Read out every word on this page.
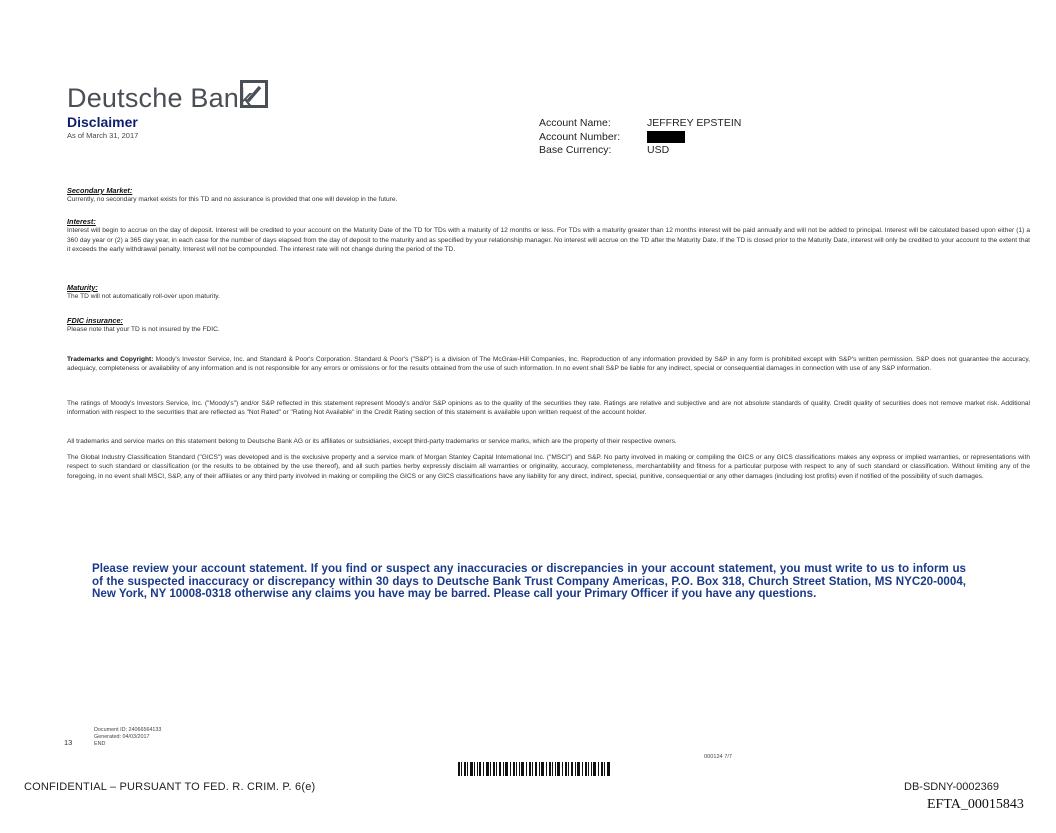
Deutsche Bank
Disclaimer
As of March 31, 2017
Account Name:	JEFFREY EPSTEIN
Account Number:
Base Currency:	USD
Secondary Market:

Currently, no secondary market exists for this TD and no assurance is provided that one will develop in the future.

Interest:

Interest will begin to accrue on the day of deposit. Interest will be credited to your account on the Maturity Date of the TD for TDs with a maturity of 12 months or less. For TDs with a maturity greater than 12 months interest will be paid annually and will not be added to principal. Interest will be calculated based upon either (1) a 360 day year or (2) a 365 day year, in each case for the number of days elapsed from the day of deposit to the maturity and as specified by your relationship manager. No interest will accrue on the TD after the Maturity Date. If the TD is closed prior to the Maturity Date, interest will only be credited to your account to the extent that it exceeds the early withdrawal penalty. Interest will not be compounded. The interest rate will not change during the period of the TD.

Maturity:

The TD will not automatically roll-over upon maturity.

FDIC insurance:

Please note that your TD is not insured by the FDIC.

Trademarks and Copyright: Moody's Investor Service, Inc. and Standard & Poor's Corporation. Standard & Poor's ("S&P") is a division of The McGraw-Hill Companies, Inc. Reproduction of any information provided by S&P in any form is prohibited except with S&P's written permission. S&P does not guarantee the accuracy, adequacy, completeness or availability of any information and is not responsible for any errors or omissions or for the results obtained from the use of such information. In no event shall S&P be liable for any indirect, special or consequential damages in connection with use of any S&P information.

The ratings of Moody's Investors Service, Inc. ("Moody's") and/or S&P reflected in this statement represent Moody's and/or S&P opinions as to the quality of the securities they rate. Ratings are relative and subjective and are not absolute standards of quality. Credit quality of securities does not remove market risk. Additional information with respect to the securities that are reflected as "Not Rated" or "Rating Not Available" in the Credit Rating section of this statement is available upon written request of the account holder.

All trademarks and service marks on this statement belong to Deutsche Bank AG or its affiliates or subsidiaries, except third-party trademarks or service marks, which are the property of their respective owners.

The Global Industry Classification Standard ("GICS") was developed and is the exclusive property and a service mark of Morgan Stanley Capital International Inc. ("MSCI") and S&P. No party involved in making or compiling the GICS or any GICS classifications makes any express or implied warranties, or representations with respect to such standard or classification (or the results to be obtained by the use thereof), and all such parties herby expressly disclaim all warranties or originality, accuracy, completeness, merchantability and fitness for a particular purpose with respect to any of such standard or classification. Without limiting any of the foregoing, in no event shall MSCI, S&P, any of their affiliates or any third party involved in making or compiling the GICS or any GICS classifications have any liability for any direct, indirect, special, punitive, consequential or any other damages (including lost profits) even if notified of the possibility of such damages.

Please review your account statement. If you find or suspect any inaccuracies or discrepancies in your account statement, you must write to us to inform us of the suspected inaccuracy or discrepancy within 30 days to Deutsche Bank Trust Company Americas, P.O. Box 318, Church Street Station, MS NYC20-0004, New York, NY 10008-0318 otherwise any claims you have may be barred. Please call your Primary Officer if you have any questions.
13
Document ID: 24066564133
Generated: 04/03/2017
END
000124 7/7
CONFIDENTIAL – PURSUANT TO FED. R. CRIM. P. 6(e)	DB-SDNY-0002369
EFTA_00015843
